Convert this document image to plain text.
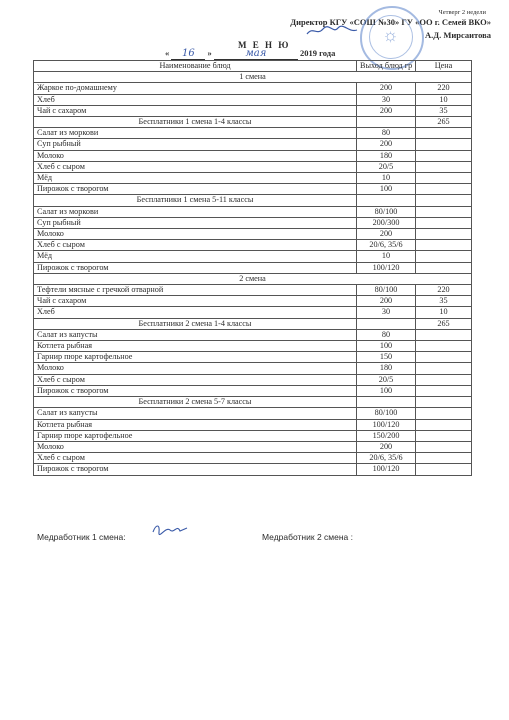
Четверг 2 недели
Директор КГУ «СОШ №30» ГУ «ОО г. Семей ВКО»
А.Д. Мирсаитова
☼
М Е Н Ю
« 16 »	мая	2019 года
Наименование блюд	Выход блюд гр	Цена
1 смена		
Жаркое по-домашнему	200	220
Хлеб	30	10
Чай с сахаром	200	35
Бесплатники 1 смена 1-4 классы		265
Салат из моркови	80	
Суп рыбный	200	
Молоко	180	
Хлеб с сыром	20/5	
Мёд	10	
Пирожок с творогом	100	
Бесплатники 1 смена 5-11 классы		
Салат из моркови	80/100	
Суп рыбный	200/300	
Молоко	200	
Хлеб с сыром	20/6, 35/6	
Мёд	10	
Пирожок с творогом	100/120	
2 смена		
Тефтели мясные с гречкой отварной	80/100	220
Чай с сахаром	200	35
Хлеб	30	10
Бесплатники 2 смена 1-4 классы		265
Салат из капусты	80	
Котлета рыбная	100	
Гарнир пюре картофельное	150	
Молоко	180	
Хлеб с сыром	20/5	
Пирожок с творогом	100	
Бесплатники 2 смена 5-7 классы		
Салат из капусты	80/100	
Котлета рыбная	100/120	
Гарнир пюре картофельное	150/200	
Молоко	200	
Хлеб с сыром	20/6, 35/6	
Пирожок с творогом	100/120	
Медработник 1 смена:	Медработник 2 смена :
